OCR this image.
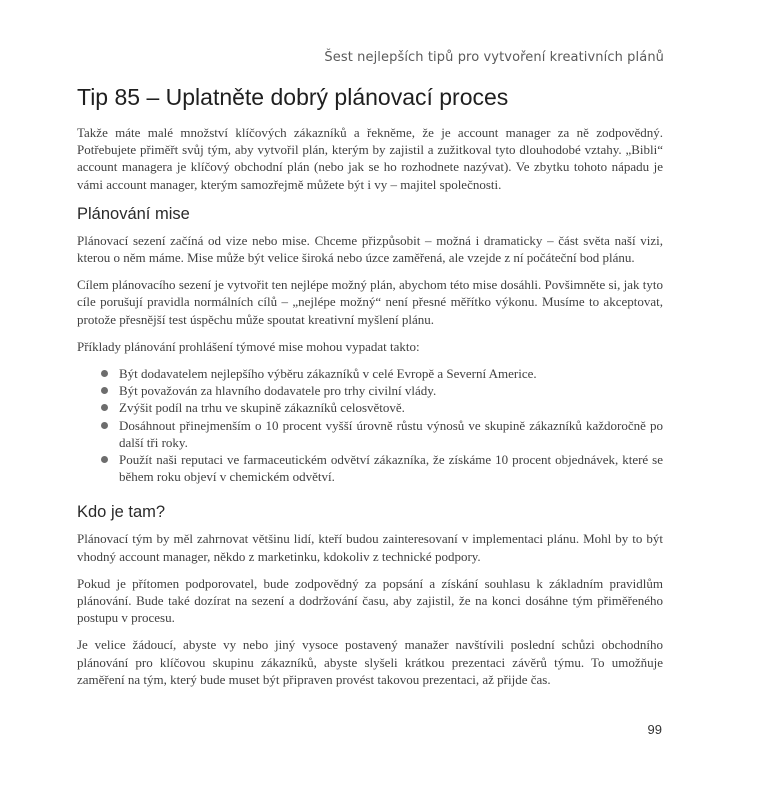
Šest nejlepších tipů pro vytvoření kreativních plánů
Tip 85 – Uplatněte dobrý plánovací proces

Takže máte malé množství klíčových zákazníků a řekněme, že je account manager za ně zodpovědný. Potřebujete přiměřt svůj tým, aby vytvořil plán, kterým by zajistil a zužitkoval tyto dlouhodobé vztahy. „Bibli“ account managera je klíčový obchodní plán (nebo jak se ho rozhodnete nazývat). Ve zbytku tohoto nápadu je vámi account manager, kterým samozřejmě můžete být i vy – majitel společnosti.

Plánování mise

Plánovací sezení začíná od vize nebo mise. Chceme přizpůsobit – možná i dramaticky – část světa naší vizi, kterou o něm máme. Mise může být velice široká nebo úzce zaměřená, ale vzejde z ní počáteční bod plánu.

Cílem plánovacího sezení je vytvořit ten nejlépe možný plán, abychom této mise dosáhli. Povšimněte si, jak tyto cíle porušují pravidla normálních cílů – „nejlépe možný“ není přesné měřítko výkonu. Musíme to akceptovat, protože přesnější test úspěchu může spoutat kreativní myšlení plánu.

Příklady plánování prohlášení týmové mise mohou vypadat takto:

Být dodavatelem nejlepšího výběru zákazníků v celé Evropě a Severní Americe.
Být považován za hlavního dodavatele pro trhy civilní vlády.
Zvýšit podíl na trhu ve skupině zákazníků celosvětově.
Dosáhnout přinejmenším o 10 procent vyšší úrovně růstu výnosů ve skupině zákazníků každoročně po další tři roky.
Použít naši reputaci ve farmaceutickém odvětví zákazníka, že získáme 10 procent objednávek, které se během roku objeví v chemickém odvětví.
Kdo je tam?

Plánovací tým by měl zahrnovat většinu lidí, kteří budou zainteresovaní v implementaci plánu. Mohl by to být vhodný account manager, někdo z marketinku, kdokoliv z technické podpory.

Pokud je přítomen podporovatel, bude zodpovědný za popsání a získání souhlasu k základním pravidlům plánování. Bude také dozírat na sezení a dodržování času, aby zajistil, že na konci dosáhne tým přiměřeného postupu v procesu.

Je velice žádoucí, abyste vy nebo jiný vysoce postavený manažer navštívili poslední schůzi obchodního plánování pro klíčovou skupinu zákazníků, abyste slyšeli krátkou prezentaci závěrů týmu. To umožňuje zaměření na tým, který bude muset být připraven provést takovou prezentaci, až přijde čas.

99
